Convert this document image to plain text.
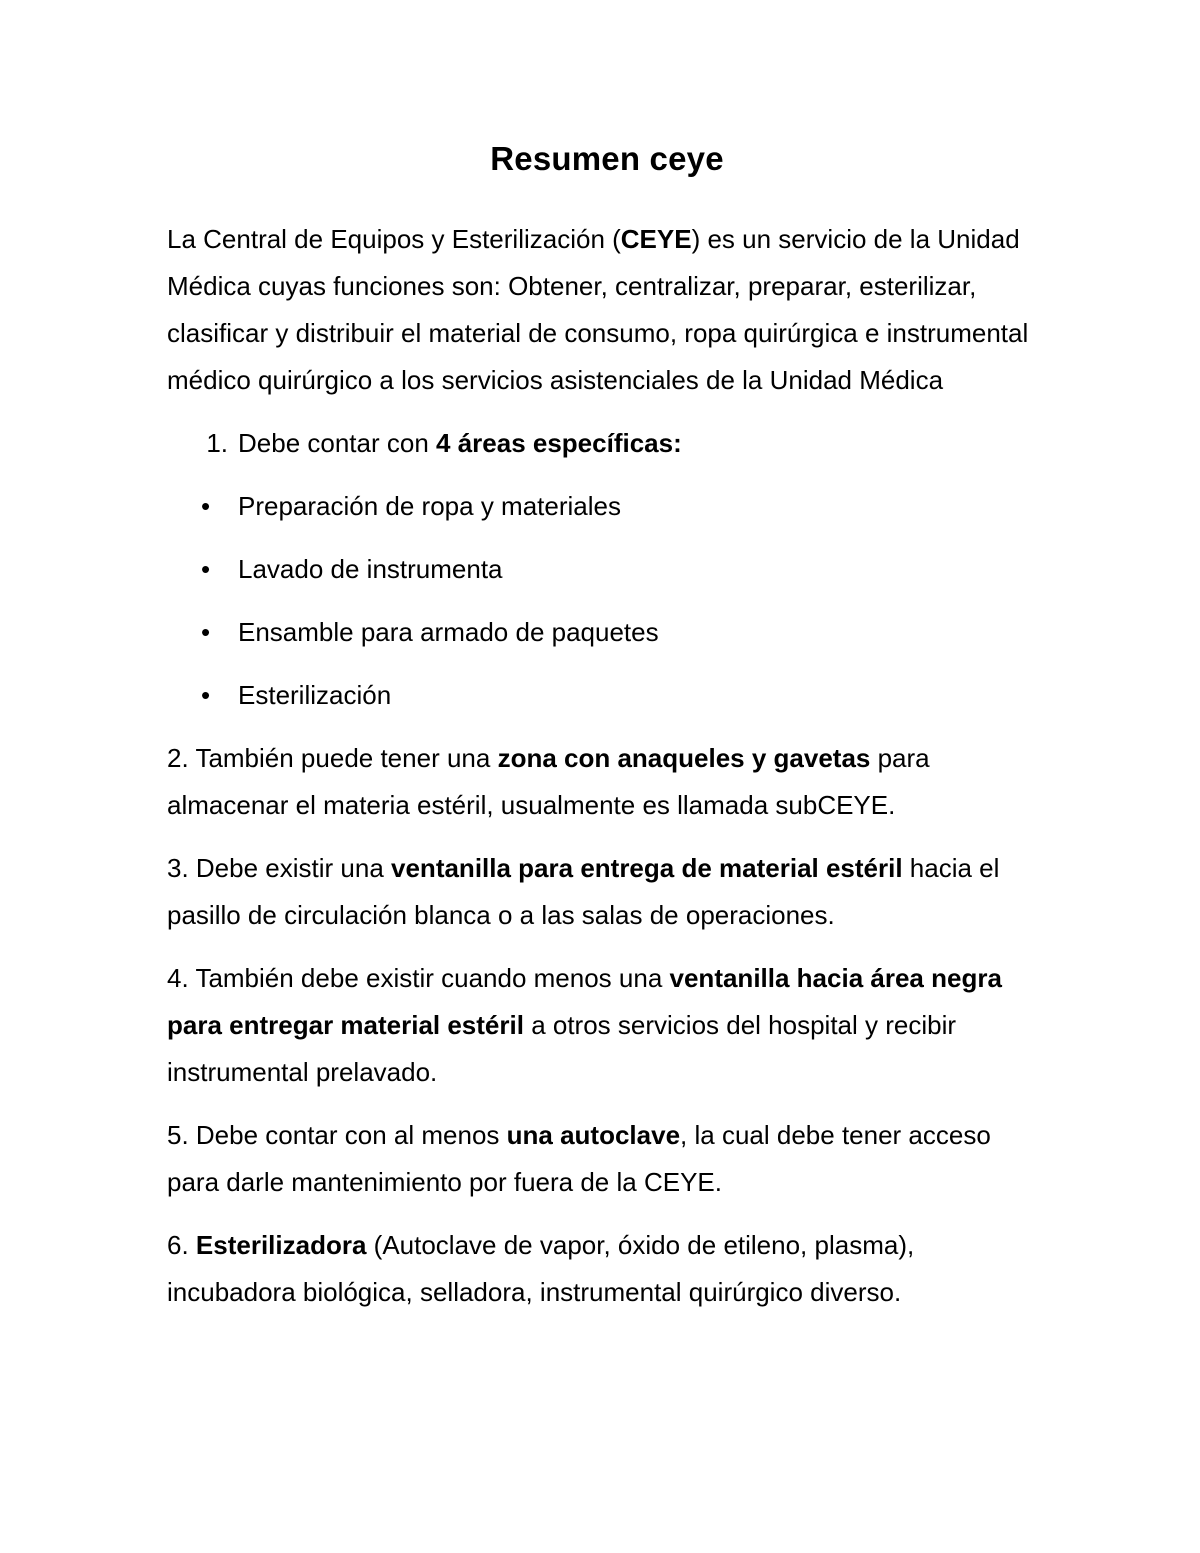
Resumen ceye

La Central de Equipos y Esterilización (CEYE) es un servicio de la Unidad Médica cuyas funciones son: Obtener, centralizar, preparar, esterilizar, clasificar y distribuir el material de consumo, ropa quirúrgica e instrumental médico quirúrgico a los servicios asistenciales de la Unidad Médica

1. Debe contar con 4 áreas específicas:
•	Preparación de ropa y materiales
•	Lavado de instrumenta
•	Ensamble para armado de paquetes
•	Esterilización

2. También puede tener una zona con anaqueles y gavetas para almacenar el materia estéril, usualmente es llamada subCEYE.

3. Debe existir una ventanilla para entrega de material estéril hacia el pasillo de circulación blanca o a las salas de operaciones.

4. También debe existir cuando menos una ventanilla hacia área negra para entregar material estéril a otros servicios del hospital y recibir instrumental prelavado.

5. Debe contar con al menos una autoclave, la cual debe tener acceso para darle mantenimiento por fuera de la CEYE.

6. Esterilizadora (Autoclave de vapor, óxido de etileno, plasma), incubadora biológica, selladora, instrumental quirúrgico diverso.
